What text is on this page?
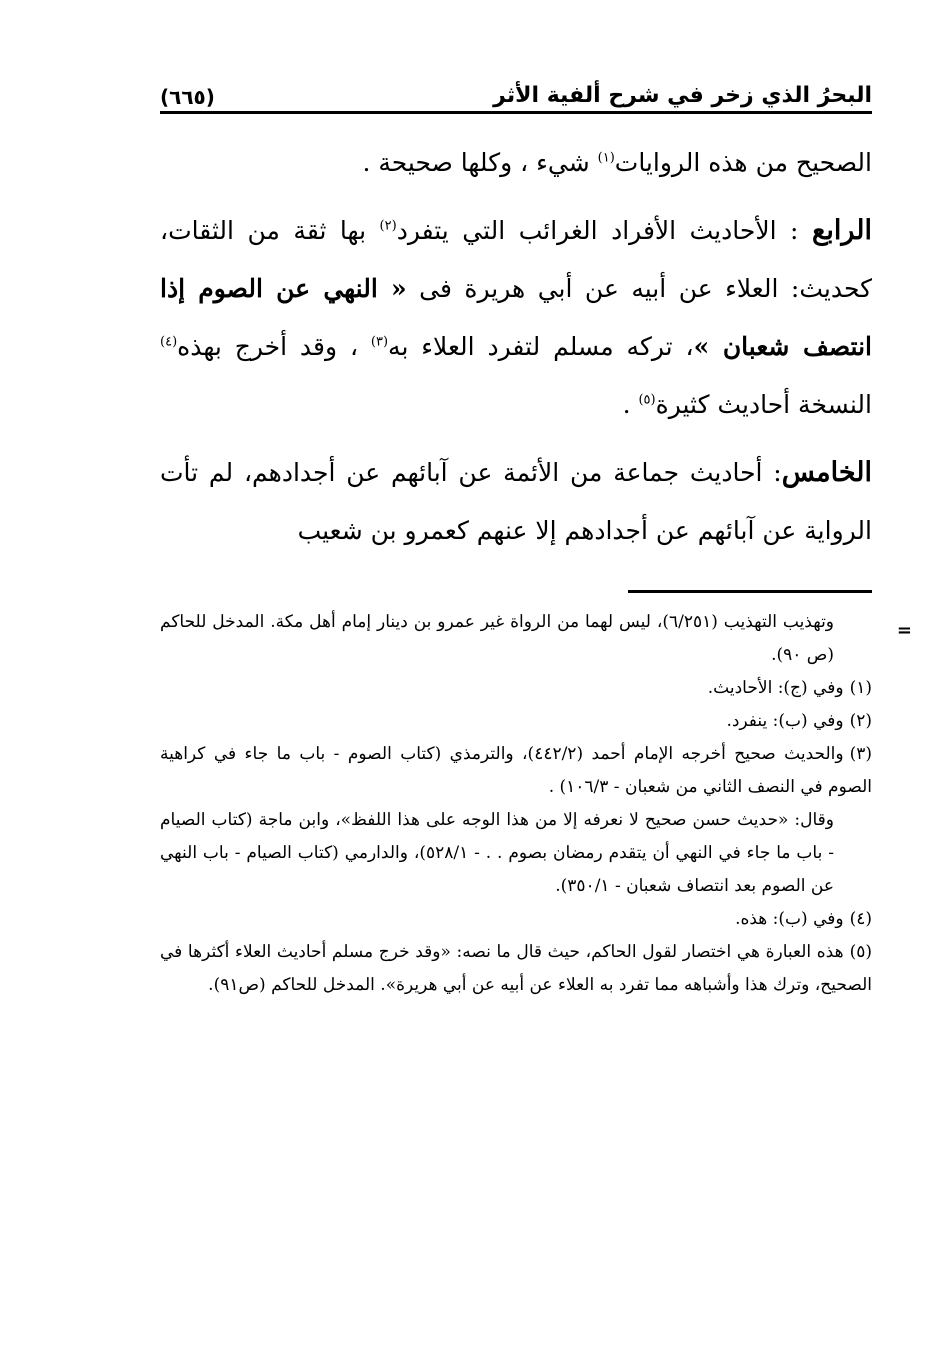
البحرُ الذي زخر في شرح ألفية الأثر
(٦٦٥)

الصحيح من هذه الروايات$^{(١)}$ شيء ، وكلها صحيحة .

الرابع : الأحاديث الأفراد الغرائب التي يتفرد$^{(٢)}$ بها ثقة من الثقات، كحديث: العلاء عن أبيه عن أبي هريرة فى « النهي عن الصوم إذا انتصف شعبان »، تركه مسلم لتفرد العلاء به$^{(٣)}$ ، وقد أخرج بهذه$^{(٤)}$ النسخة أحاديث كثيرة$^{(٥)}$ .

الخامس: أحاديث جماعة من الأئمة عن آبائهم عن أجدادهم، لم تأت الرواية عن آبائهم عن أجدادهم إلا عنهم كعمرو بن شعيب

=

وتهذيب التهذيب (٦/٢٥١)، ليس لهما من الرواة غير عمرو بن دينار إمام أهل مكة. المدخل للحاكم (ص ٩٠).

(١)وفي (ج): الأحاديث.

(٢)وفي (ب): ينفرد.

(٣)والحديث صحيح أخرجه الإمام أحمد (٤٤٢/٢)، والترمذي (كتاب الصوم - باب ما جاء في كراهية الصوم في النصف الثاني من شعبان - ١٠٦/٣) .

وقال: «حديث حسن صحيح لا نعرفه إلا من هذا الوجه على هذا اللفظ»، وابن ماجة (كتاب الصيام - باب ما جاء في النهي أن يتقدم رمضان بصوم . . - ٥٢٨/١)، والدارمي (كتاب الصيام - باب النهي عن الصوم بعد انتصاف شعبان - ٣٥٠/١).

(٤)وفي (ب): هذه.

(٥)هذه العبارة هي اختصار لقول الحاكم، حيث قال ما نصه: «وقد خرج مسلم أحاديث العلاء أكثرها في الصحيح، وترك هذا وأشباهه مما تفرد به العلاء عن أبيه عن أبي هريرة». المدخل للحاكم (ص٩١).
